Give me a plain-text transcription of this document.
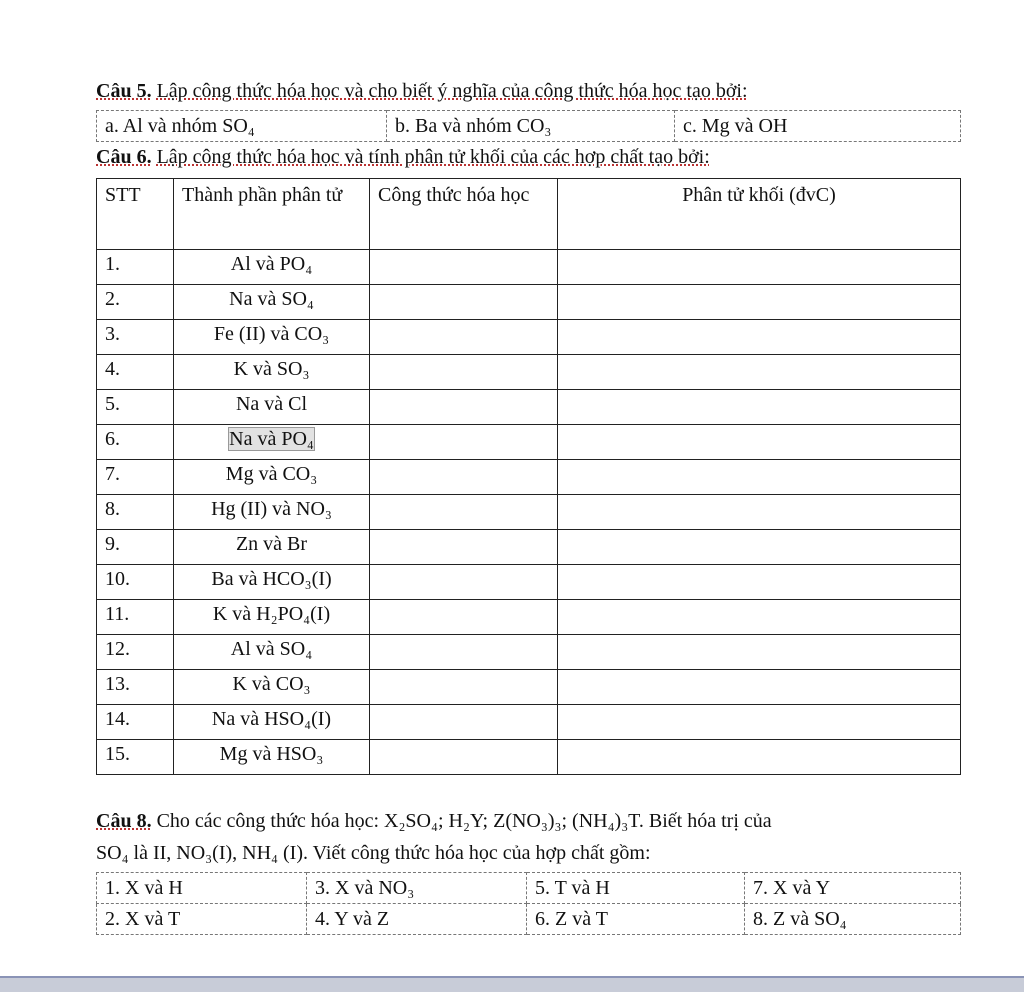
Câu 5. Lập công thức hóa học và cho biết ý nghĩa của công thức hóa học tạo bởi:
a. Al và nhóm SO₄	b. Ba và nhóm CO₃	c. Mg và OH
Câu 6. Lập công thức hóa học và tính phân tử khối của các hợp chất tạo bởi:
STT	Thành phần phân tử	Công thức hóa học	Phân tử khối (đvC)
1.	Al và PO₄		
2.	Na và SO₄		
3.	Fe (II) và CO₃		
4.	K và SO₃		
5.	Na và Cl		
6.	Na và PO₄		
7.	Mg và CO₃		
8.	Hg (II) và NO₃		
9.	Zn và Br		
10.	Ba và HCO₃(I)		
11.	K và H₂PO₄(I)		
12.	Al và SO₄		
13.	K và CO₃		
14.	Na và HSO₄(I)		
15.	Mg và HSO₃		
Câu 8. Cho các công thức hóa học: X₂SO₄; H₂Y; Z(NO₃)₃; (NH₄)₃T. Biết hóa trị của
SO₄ là II, NO₃(I), NH₄ (I). Viết công thức hóa học của hợp chất gồm:
1. X và H	3. X và NO₃	5. T và H	7. X và Y
2. X và T	4. Y và Z	6. Z và T	8. Z và SO₄
